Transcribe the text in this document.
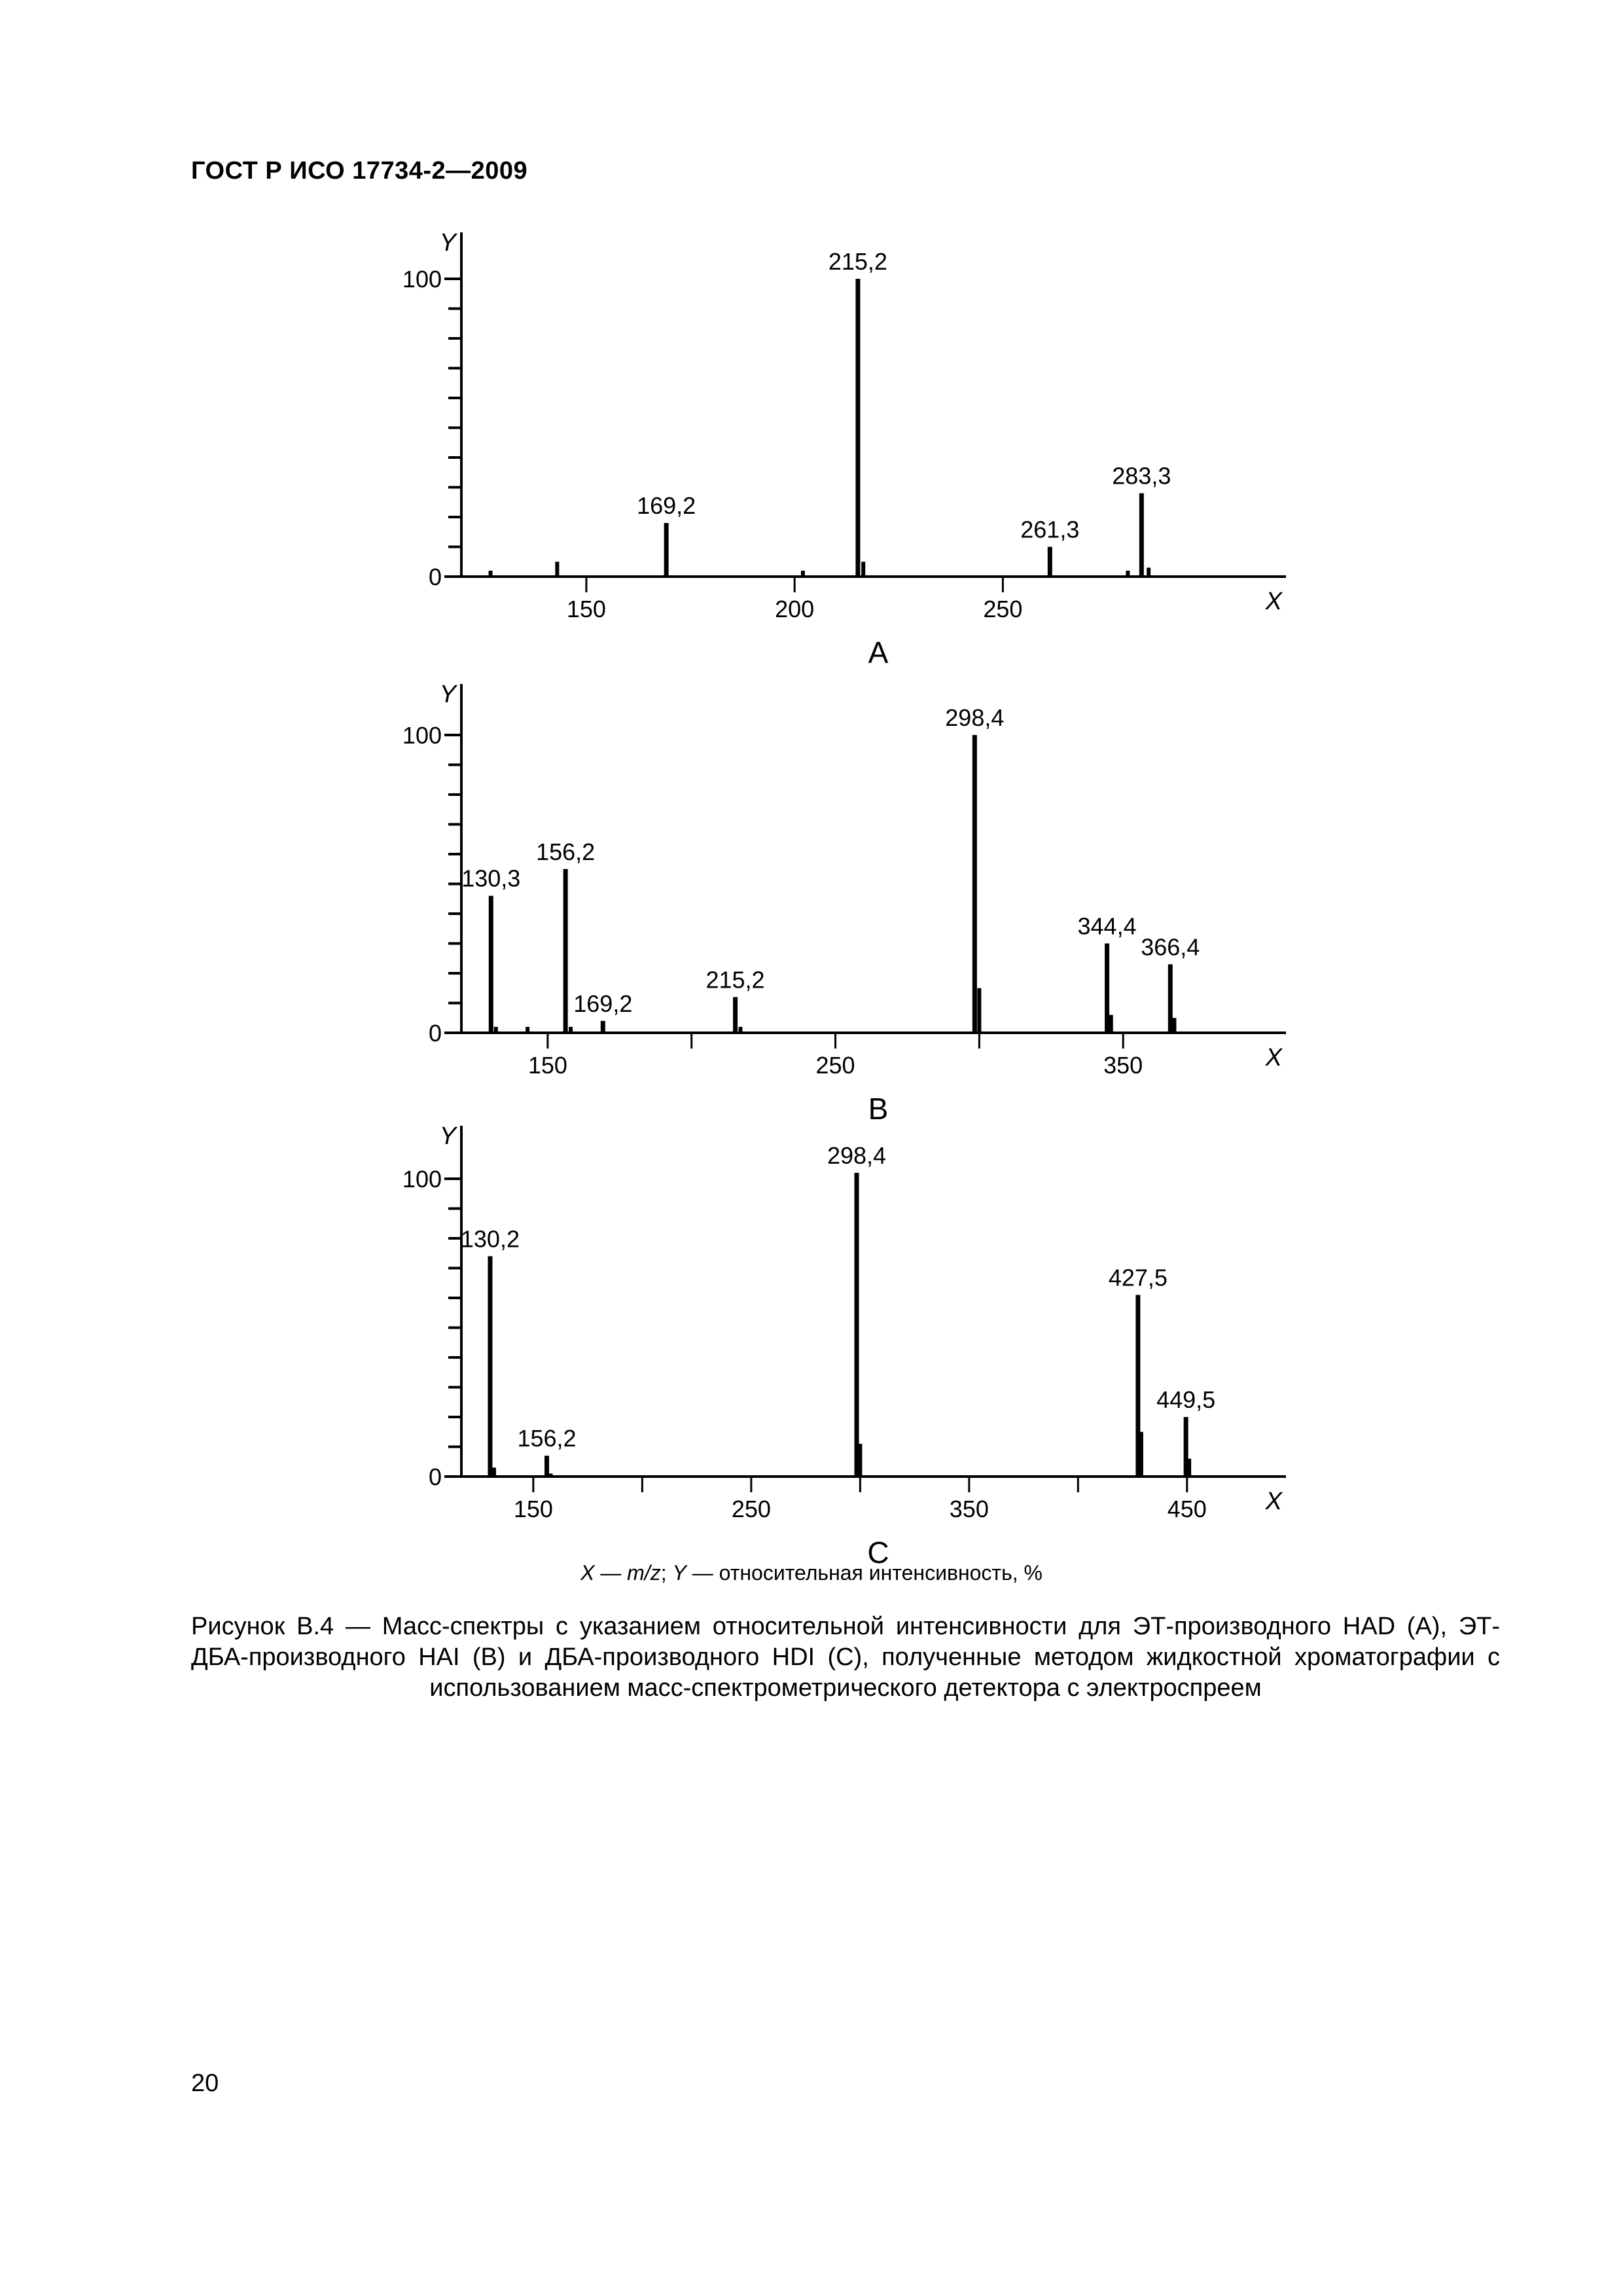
ГОСТ Р ИСО 17734-2—2009
0
100
Y
X
150	200	250
169,2
215,2
261,3
283,3
A
0
100
Y
X
150	250	350
130,3
156,2
169,2
215,2
298,4
344,4
366,4
B
0
100
Y
X
150	250	350	450
130,2
156,2
298,4
427,5
449,5
C
X — m/z; Y — относительная интенсивность, %
Рисунок В.4 — Масс-спектры с указанием относительной интенсивности для ЭТ-производного HAD (A), ЭТ-ДБА-производного HAI (B) и ДБА-производного HDI (C), полученные методом жидкостной хроматографии с использованием масс-спектрометрического детектора с электроспреем
20
